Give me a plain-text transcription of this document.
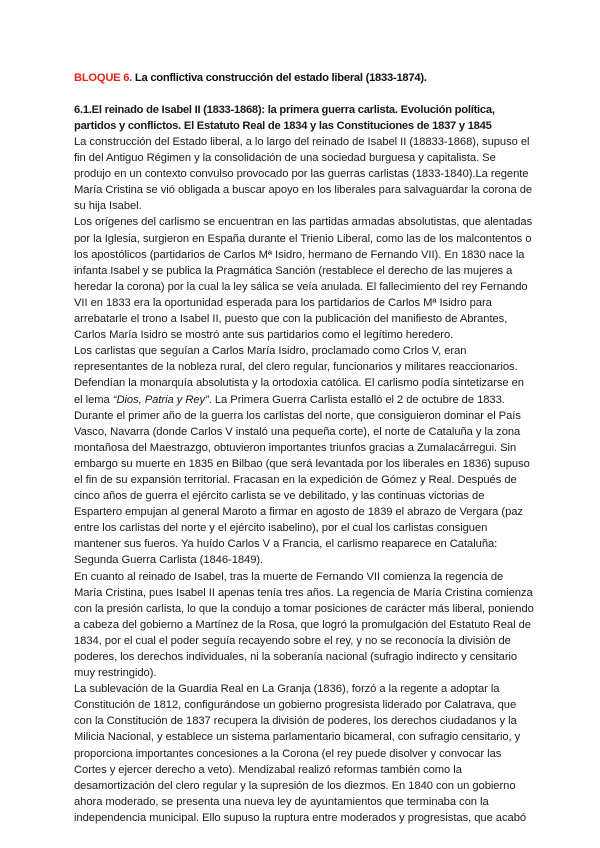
BLOQUE 6. La conflictiva construcción del estado liberal (1833-1874).

6.1.El reinado de Isabel II (1833-1868): la primera guerra carlista. Evolución política, partidos y conflictos. El Estatuto Real de 1834 y las Constituciones de 1837 y 1845

La construcción del Estado liberal, a lo largo del reinado de Isabel II (18833-1868), supuso el fin del Antiguo Régimen y la consolidación de una sociedad burguesa y capitalista. Se produjo en un contexto convulso provocado por las guerras carlistas (1833-1840).La regente María Cristina se vió obligada a buscar apoyo en los liberales para salvaguardar la corona de su hija Isabel.

Los orígenes del carlismo se encuentran en las partidas armadas absolutistas, que alentadas por la Iglesia, surgieron en España durante el Trienio Liberal, como las de los malcontentos o los apostólicos (partidarios de Carlos Mª Isidro, hermano de Fernando VII). En 1830 nace la infanta Isabel y se publica la Pragmática Sanción (restablece el derecho de las mujeres a heredar la corona) por la cual la ley sálica se veía anulada. El fallecimiento del rey Fernando VII en 1833 era la oportunidad esperada para los partidarios de Carlos Mª Isidro para arrebatarle el trono a Isabel II, puesto que con la publicación del manifiesto de Abrantes, Carlos María Isidro se mostró ante sus partidarios como el legítimo heredero.

Los carlistas que seguían a Carlos María Isidro, proclamado como Crlos V, eran representantes de la nobleza rural, del clero regular, funcionarios y militares reaccionarios. Defendían la monarquía absolutista y la ortodoxia católica. El carlismo podía sintetizarse en el lema “Dios, Patria y Rey”. La Primera Guerra Carlista estalló el 2 de octubre de 1833. Durante el primer año de la guerra los carlistas del norte, que consiguieron dominar el País Vasco, Navarra (donde Carlos V instaló una pequeña corte), el norte de Cataluña y la zona montañosa del Maestrazgo, obtuvieron importantes triunfos gracias a Zumalacárregui. Sin embargo su muerte en 1835 en Bilbao (que será levantada por los liberales en 1836) supuso el fin de su expansión territorial. Fracasan en la expedición de Gómez y Real. Después de cinco años de guerra el ejército carlista se ve debilitado, y las continuas victorias de Espartero empujan al general Maroto a firmar en agosto de 1839 el abrazo de Vergara (paz entre los carlistas del norte y el ejército isabelino), por el cual los carlistas consiguen mantener sus fueros. Ya huído Carlos V a Francia, el carlismo reaparece en Cataluña: Segunda Guerra Carlista (1846-1849).

En cuanto al reinado de Isabel, tras la muerte de Fernando VII comienza la regencia de María Cristina, pues Isabel II apenas tenía tres años. La regencia de María Cristina comienza con la presión carlista, lo que la condujo a tomar posiciones de carácter más liberal, poniendo a cabeza del gobierno a Martínez de la Rosa, que logró la promulgación del Estatuto Real de 1834, por el cual el poder seguía recayendo sobre el rey, y no se reconocía la división de poderes, los derechos individuales, ni la soberanía nacional (sufragio indirecto y censitario muy restringido).

La sublevación de la Guardia Real en La Granja (1836), forzó a la regente a adoptar la Constitución de 1812, configurándose un gobierno progresista liderado por Calatrava, que con la Constitución de 1837 recupera la división de poderes, los derechos ciudadanos y la Milicia Nacional, y establece un sistema parlamentario bicameral, con sufragio censitario, y proporciona importantes concesiones a la Corona (el rey puede disolver y convocar las Cortes y ejercer derecho a veto). Mendizabal realizó reformas también como la desamortización del clero regular y la supresión de los diezmos. En 1840 con un gobierno ahora moderado, se presenta una nueva ley de ayuntamientos que terminaba con la independencia municipal. Ello supuso la ruptura entre moderados y progresistas, que acabó
